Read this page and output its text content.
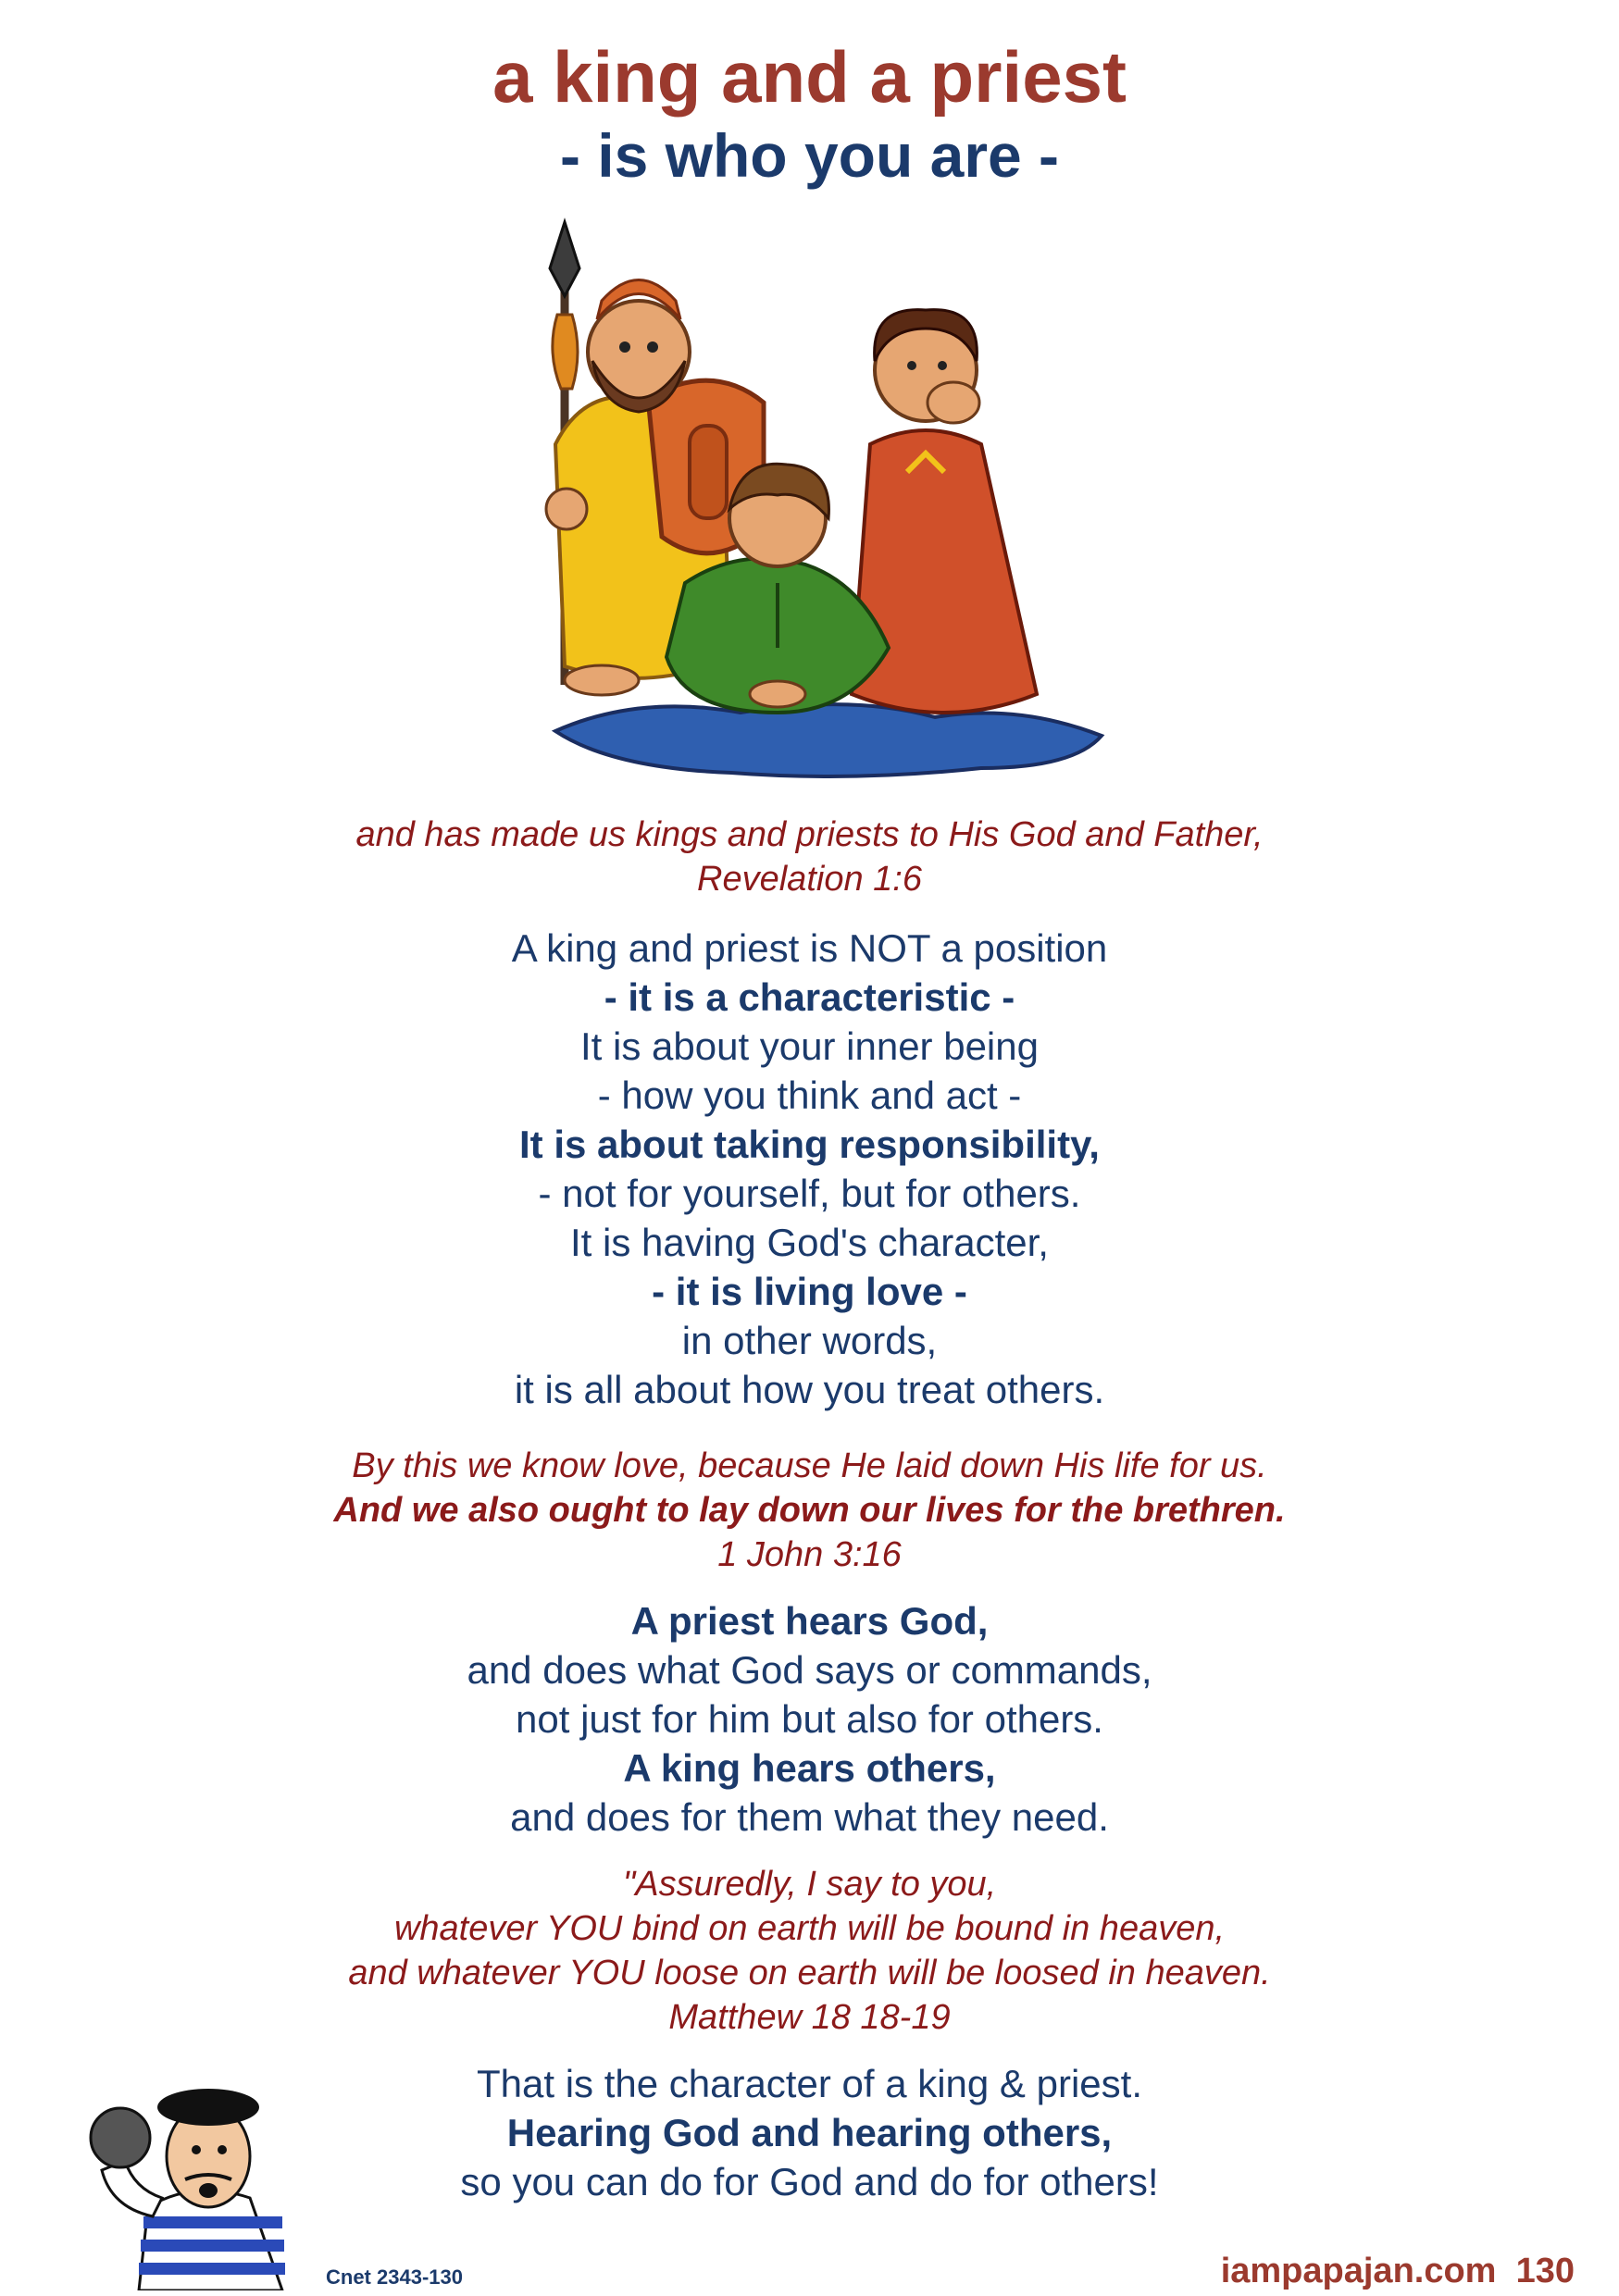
a king and a priest
- is who you are -
and has made us kings and priests to His God and Father,
Revelation 1:6
A king and priest is NOT a position
- it is a characteristic -
It is about your inner being
- how you think and act -
It is about taking responsibility,
- not for yourself, but for others.
It is having God's character,
- it is living love -
in other words,
it is all about how you treat others.
By this we know love, because He laid down His life for us.
And we also ought to lay down our lives for the brethren.
1 John 3:16
A priest hears God,
and does what God says or commands,
not just for him but also for others.
A king hears others,
and does for them what they need.
"Assuredly, I say to you,
whatever YOU bind on earth will be bound in heaven,
and whatever YOU loose on earth will be loosed in heaven.
Matthew 18 18-19
That is the character of a king & priest.
Hearing God and hearing others,
so you can do for God and do for others!
Cnet 2343-130	iampapajan.com 130
